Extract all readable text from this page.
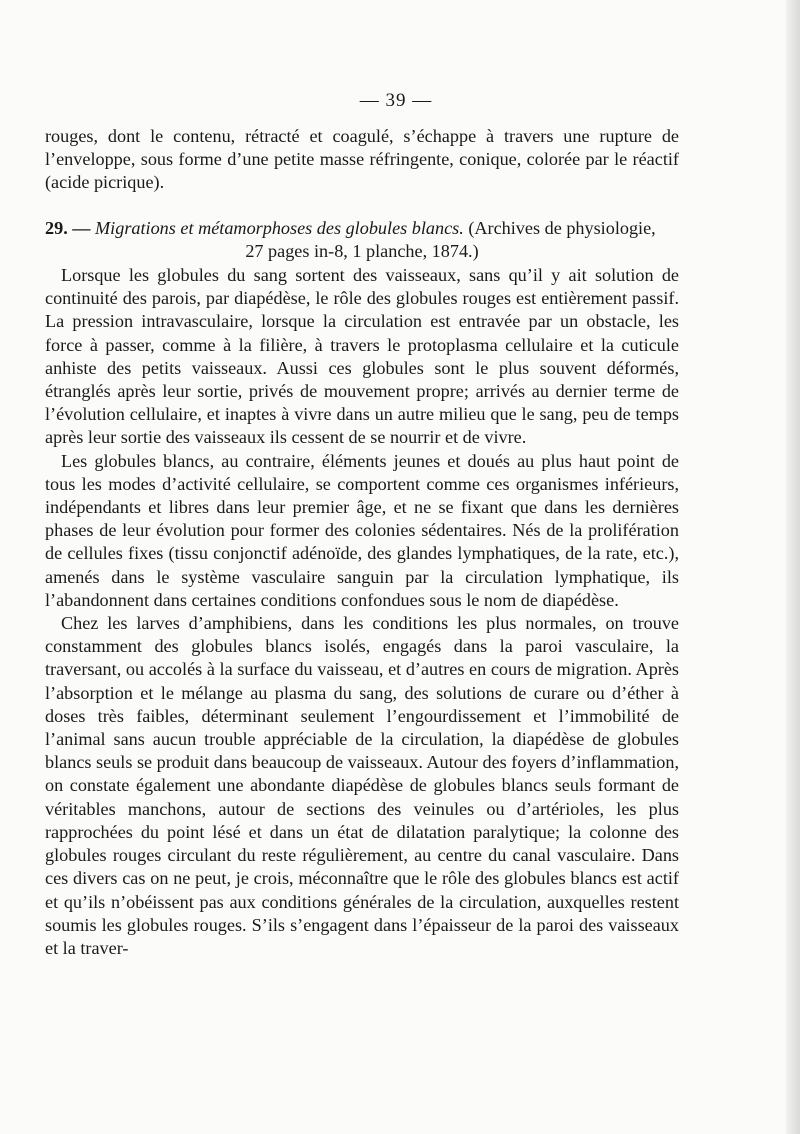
— 39 —

rouges, dont le contenu, rétracté et coagulé, s’échappe à travers une rupture de l’enveloppe, sous forme d’une petite masse réfringente, conique, colorée par le réactif (acide picrique).

29. — Migrations et métamorphoses des globules blancs. (Archives de physiologie,

27 pages in-8, 1 planche, 1874.)

Lorsque les globules du sang sortent des vaisseaux, sans qu’il y ait solution de continuité des parois, par diapédèse, le rôle des globules rouges est entièrement passif. La pression intravasculaire, lorsque la circulation est entravée par un obstacle, les force à passer, comme à la filière, à travers le protoplasma cellulaire et la cuticule anhiste des petits vaisseaux. Aussi ces globules sont le plus souvent déformés, étranglés après leur sortie, privés de mouvement propre; arrivés au dernier terme de l’évolution cellulaire, et inaptes à vivre dans un autre milieu que le sang, peu de temps après leur sortie des vaisseaux ils cessent de se nourrir et de vivre.

Les globules blancs, au contraire, éléments jeunes et doués au plus haut point de tous les modes d’activité cellulaire, se comportent comme ces organismes inférieurs, indépendants et libres dans leur premier âge, et ne se fixant que dans les dernières phases de leur évolution pour former des colonies sédentaires. Nés de la prolifération de cellules fixes (tissu conjonctif adénoïde, des glandes lymphatiques, de la rate, etc.), amenés dans le système vasculaire sanguin par la circulation lymphatique, ils l’abandonnent dans certaines conditions confondues sous le nom de diapédèse.

Chez les larves d’amphibiens, dans les conditions les plus normales, on trouve constamment des globules blancs isolés, engagés dans la paroi vasculaire, la traversant, ou accolés à la surface du vaisseau, et d’autres en cours de migration. Après l’absorption et le mélange au plasma du sang, des solutions de curare ou d’éther à doses très faibles, déterminant seulement l’engourdissement et l’immobilité de l’animal sans aucun trouble appréciable de la circulation, la diapédèse de globules blancs seuls se produit dans beaucoup de vaisseaux. Autour des foyers d’inflammation, on constate également une abondante diapédèse de globules blancs seuls formant de véritables manchons, autour de sections des veinules ou d’artérioles, les plus rapprochées du point lésé et dans un état de dilatation paralytique; la colonne des globules rouges circulant du reste régulièrement, au centre du canal vasculaire. Dans ces divers cas on ne peut, je crois, méconnaître que le rôle des globules blancs est actif et qu’ils n’obéissent pas aux conditions générales de la circulation, auxquelles restent soumis les globules rouges. S’ils s’engagent dans l’épaisseur de la paroi des vaisseaux et la traver-
